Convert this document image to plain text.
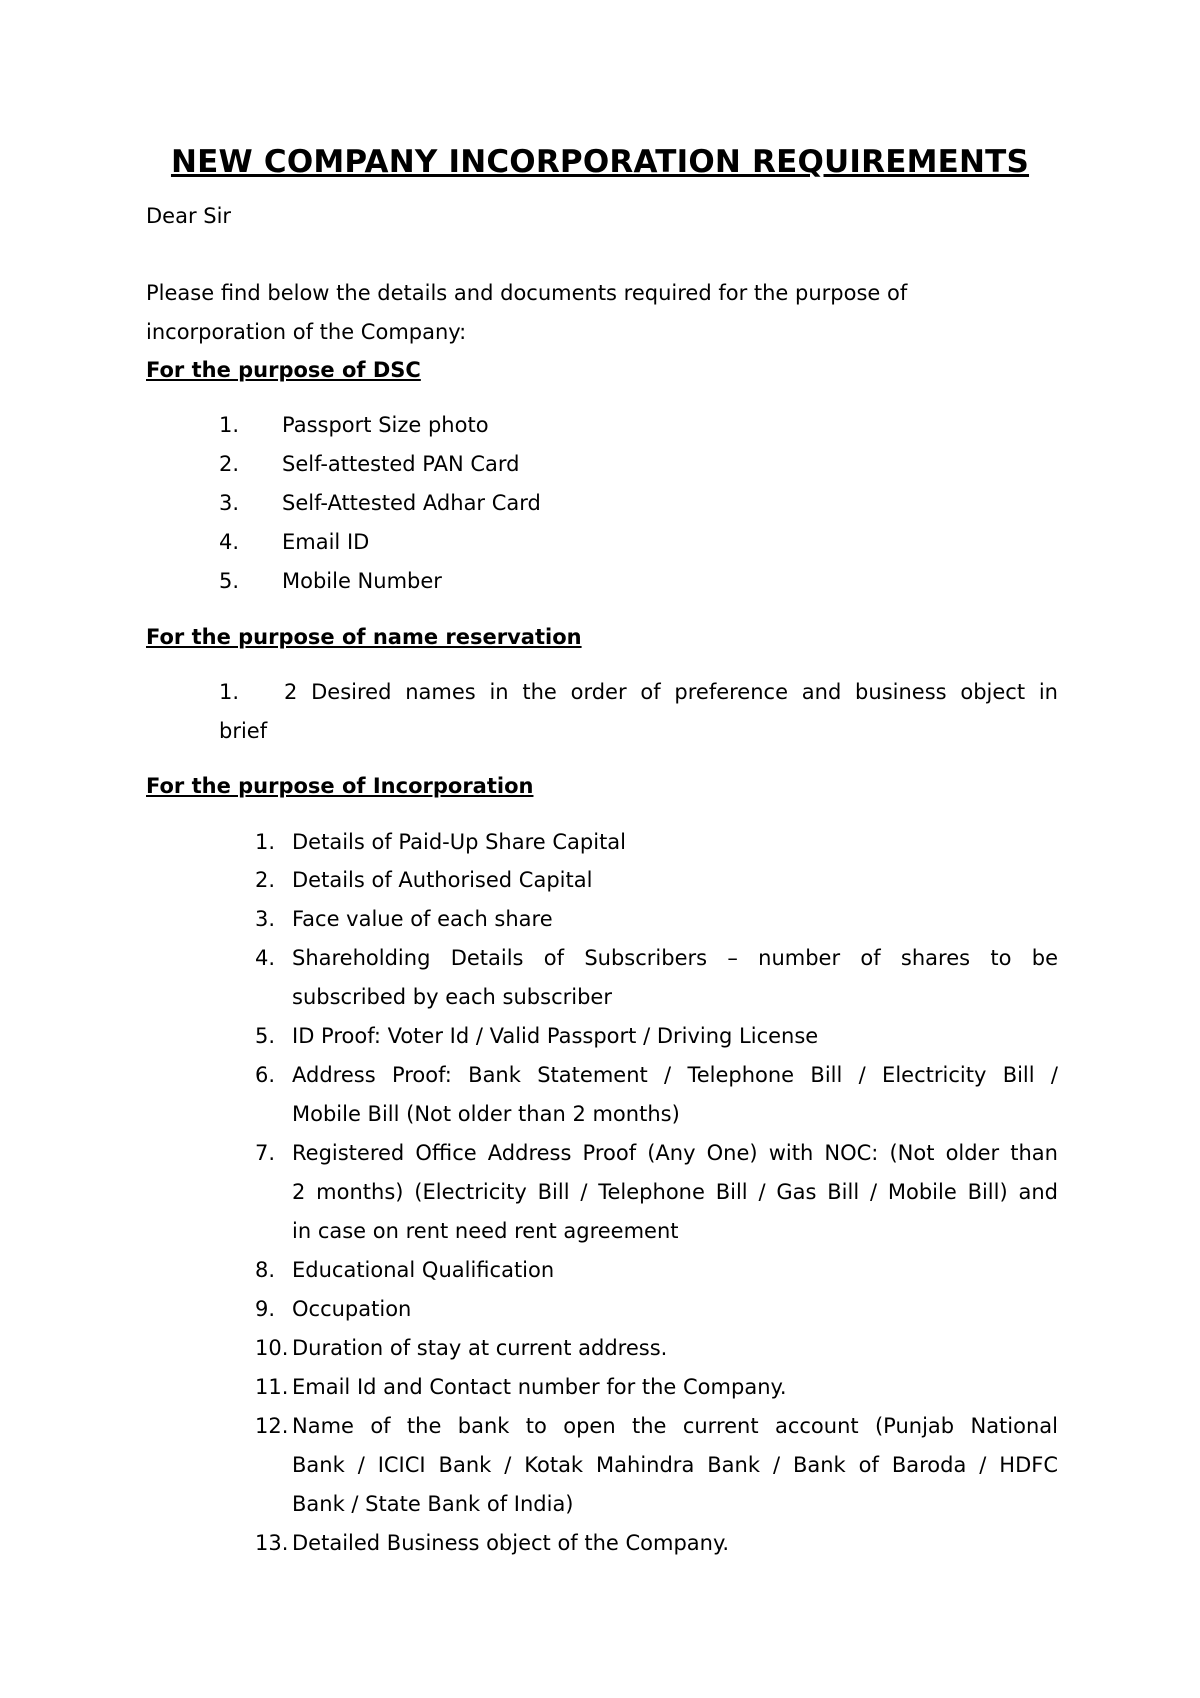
NEW COMPANY INCORPORATION REQUIREMENTS
Dear Sir
Please find below the details and documents required for the purpose of
incorporation of the Company:
For the purpose of DSC
1. Passport Size photo
2. Self-attested PAN Card
3. Self-Attested Adhar Card
4. Email ID
5. Mobile Number
For the purpose of name reservation
1. 2 Desired names in the order of preference and business object in
brief
For the purpose of Incorporation
1. Details of Paid-Up Share Capital
2. Details of Authorised Capital
3. Face value of each share
4. Shareholding Details of Subscribers – number of shares to be
subscribed by each subscriber
5. ID Proof: Voter Id / Valid Passport / Driving License
6. Address Proof: Bank Statement / Telephone Bill / Electricity Bill /
Mobile Bill (Not older than 2 months)
7. Registered Office Address Proof (Any One) with NOC: (Not older than
2 months) (Electricity Bill / Telephone Bill / Gas Bill / Mobile Bill) and
in case on rent need rent agreement
8. Educational Qualification
9. Occupation
10. Duration of stay at current address.
11. Email Id and Contact number for the Company.
12. Name of the bank to open the current account (Punjab National
Bank / ICICI Bank / Kotak Mahindra Bank / Bank of Baroda / HDFC
Bank / State Bank of India)
13. Detailed Business object of the Company.
